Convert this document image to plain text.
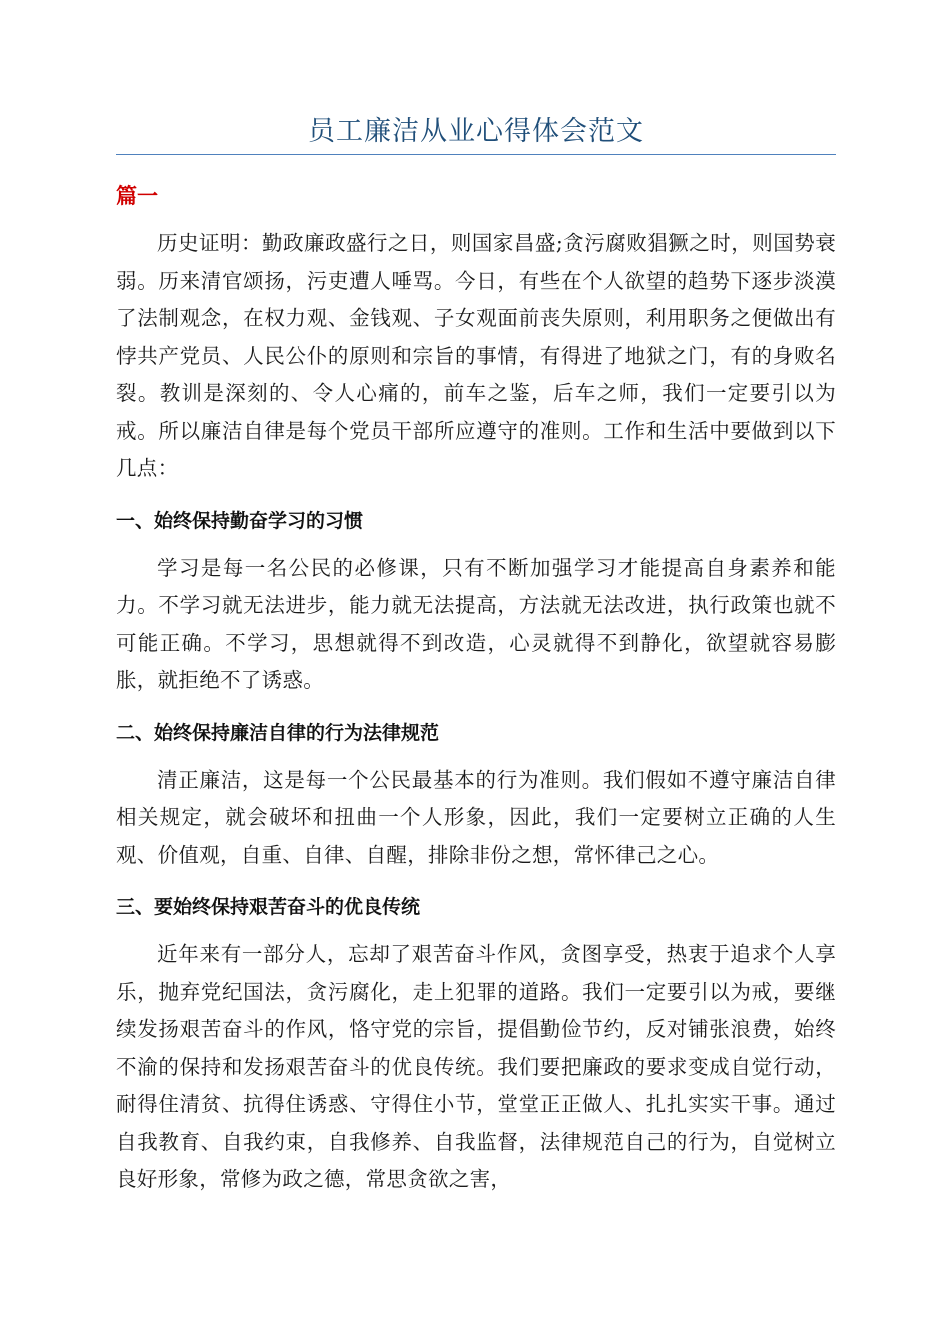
员工廉洁从业心得体会范文
篇一

历史证明：勤政廉政盛行之日，则国家昌盛;贪污腐败猖獗之时，则国势衰弱。历来清官颂扬，污吏遭人唾骂。今日，有些在个人欲望的趋势下逐步淡漠了法制观念，在权力观、金钱观、子女观面前丧失原则，利用职务之便做出有悖共产党员、人民公仆的原则和宗旨的事情，有得进了地狱之门，有的身败名裂。教训是深刻的、令人心痛的，前车之鉴，后车之师，我们一定要引以为戒。所以廉洁自律是每个党员干部所应遵守的准则。工作和生活中要做到以下几点：

一、始终保持勤奋学习的习惯

学习是每一名公民的必修课，只有不断加强学习才能提高自身素养和能力。不学习就无法进步，能力就无法提高，方法就无法改进，执行政策也就不可能正确。不学习，思想就得不到改造，心灵就得不到静化，欲望就容易膨胀，就拒绝不了诱惑。

二、始终保持廉洁自律的行为法律规范

清正廉洁，这是每一个公民最基本的行为准则。我们假如不遵守廉洁自律相关规定，就会破坏和扭曲一个人形象，因此，我们一定要树立正确的人生观、价值观，自重、自律、自醒，排除非份之想，常怀律己之心。

三、要始终保持艰苦奋斗的优良传统

近年来有一部分人，忘却了艰苦奋斗作风，贪图享受，热衷于追求个人享乐，抛弃党纪国法，贪污腐化，走上犯罪的道路。我们一定要引以为戒，要继续发扬艰苦奋斗的作风，恪守党的宗旨，提倡勤俭节约，反对铺张浪费，始终不渝的保持和发扬艰苦奋斗的优良传统。我们要把廉政的要求变成自觉行动，耐得住清贫、抗得住诱惑、守得住小节，堂堂正正做人、扎扎实实干事。通过自我教育、自我约束，自我修养、自我监督，法律规范自己的行为，自觉树立良好形象，常修为政之德，常思贪欲之害，
